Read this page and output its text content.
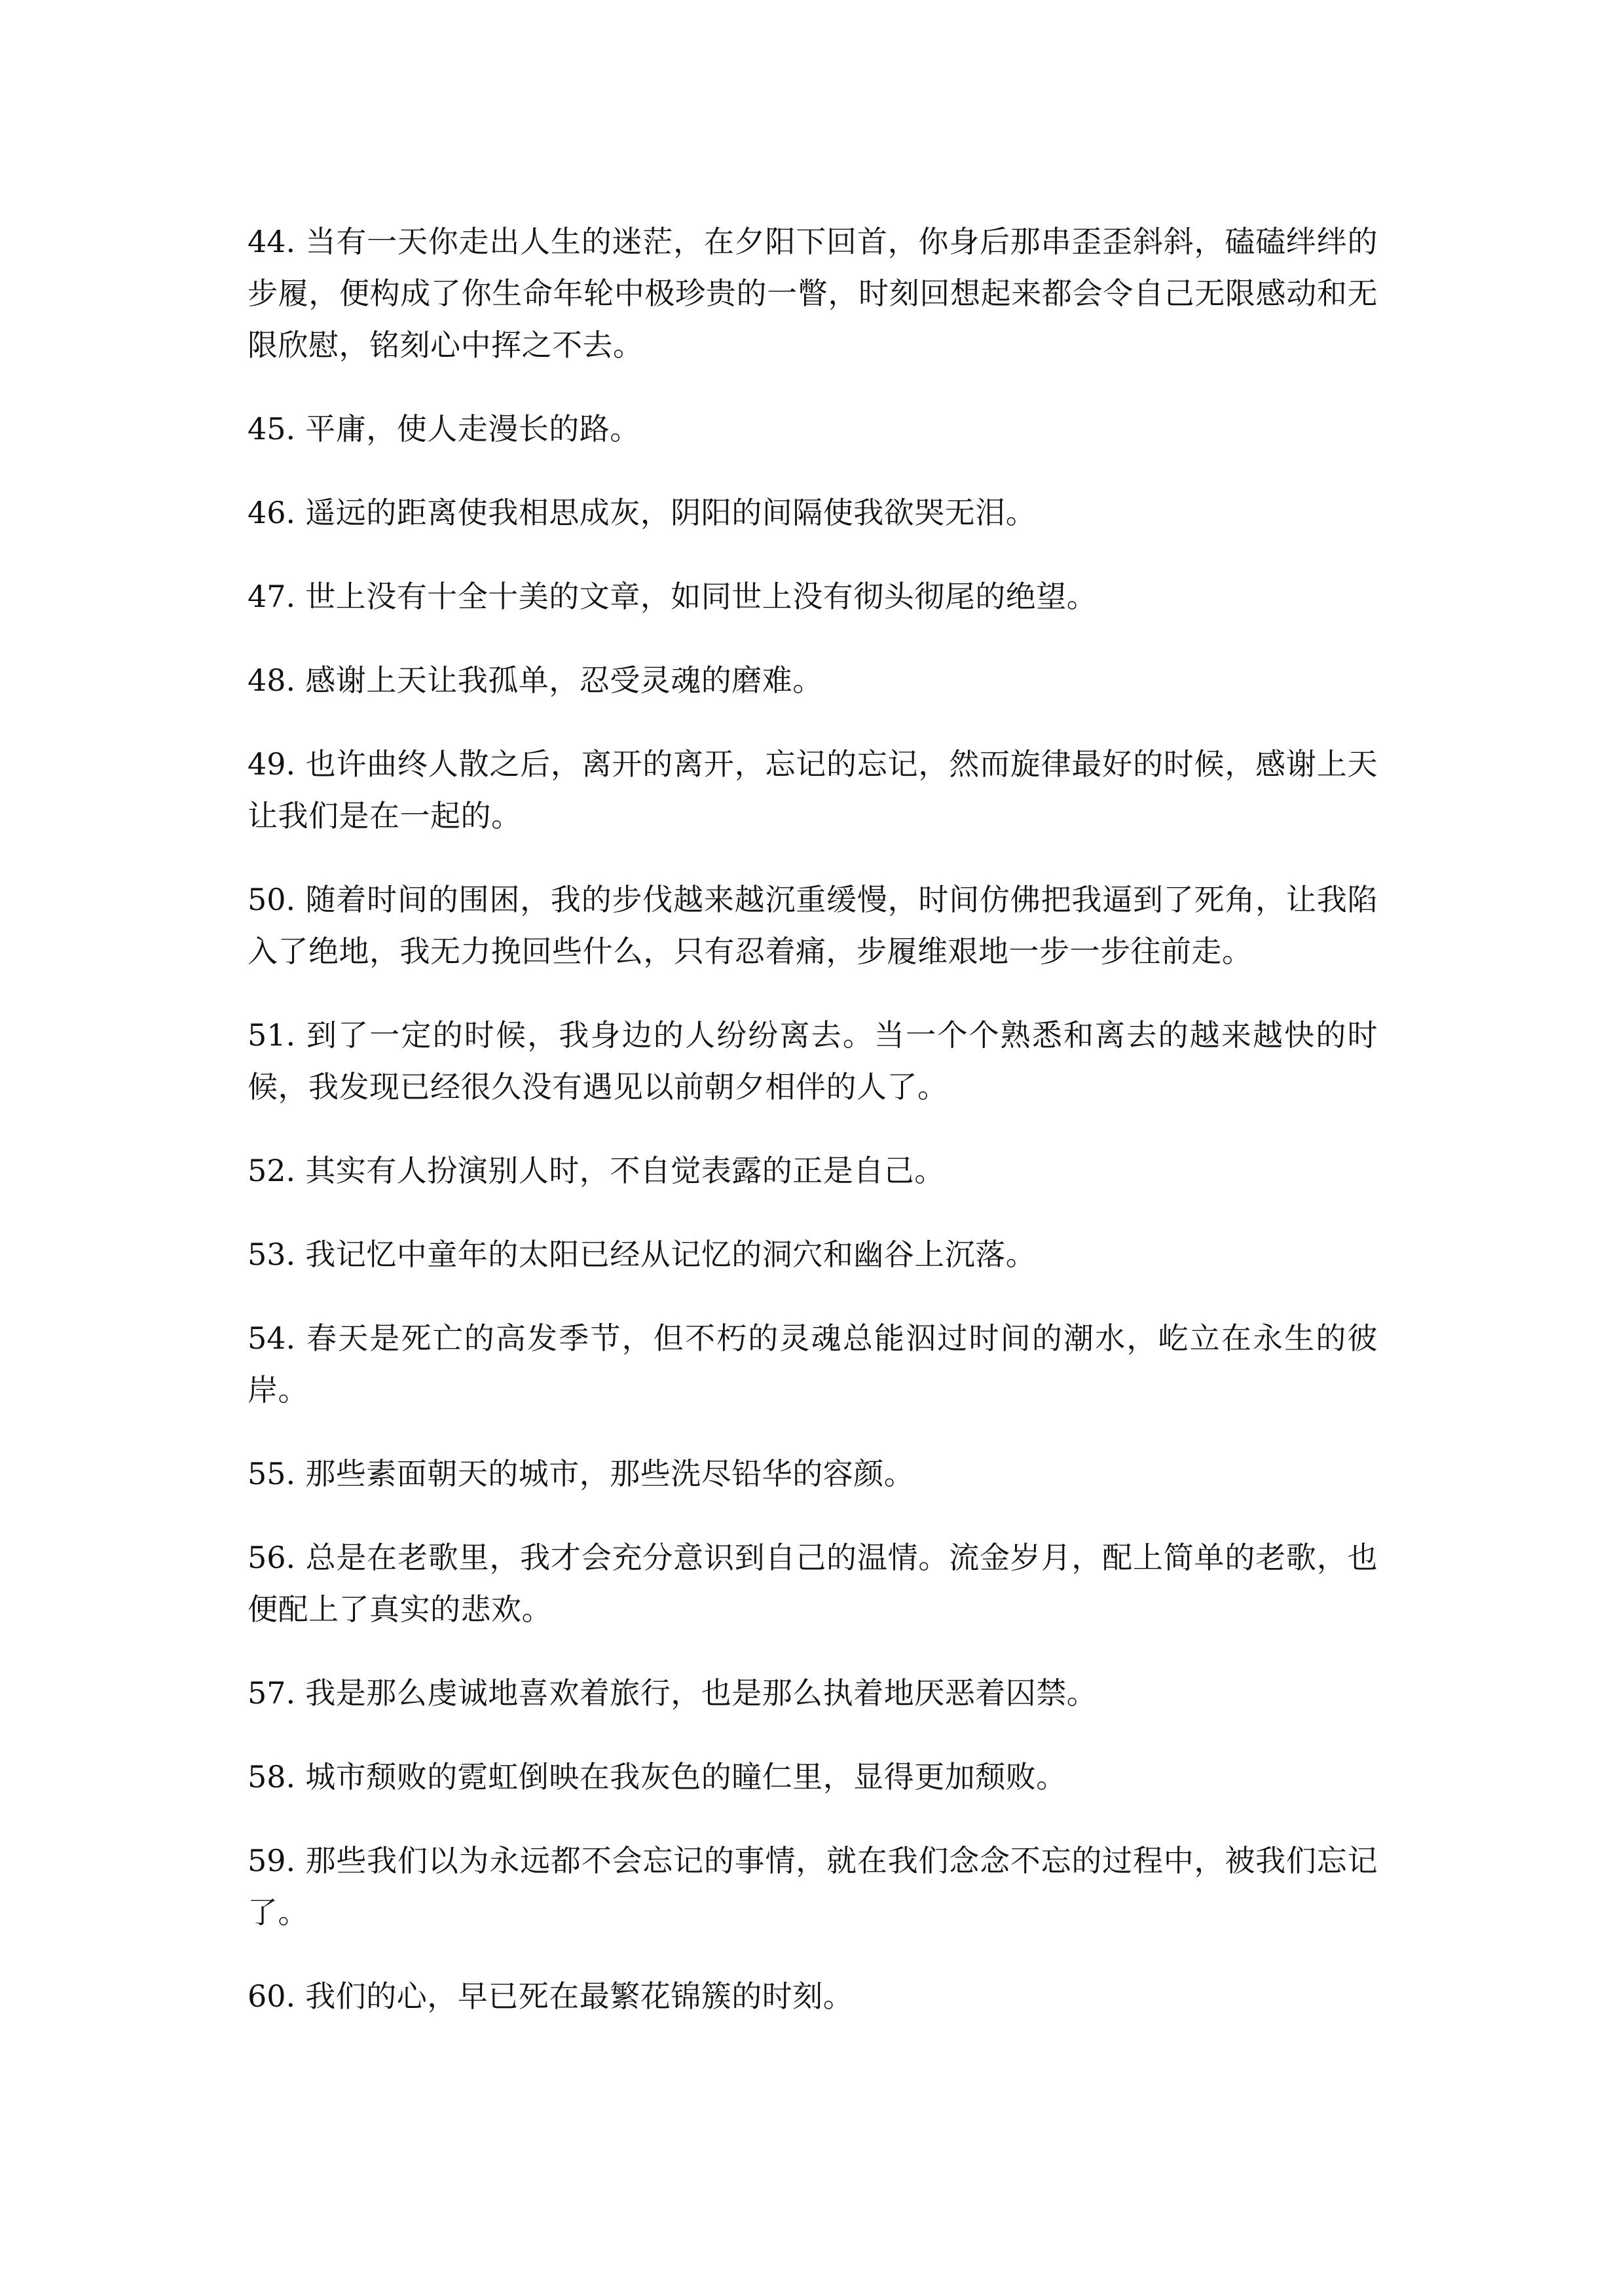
44. 当有一天你走出人生的迷茫，在夕阳下回首，你身后那串歪歪斜斜，磕磕绊绊的步履，便构成了你生命年轮中极珍贵的一瞥，时刻回想起来都会令自己无限感动和无限欣慰，铭刻心中挥之不去。

45. 平庸，使人走漫长的路。

46. 遥远的距离使我相思成灰，阴阳的间隔使我欲哭无泪。

47. 世上没有十全十美的文章，如同世上没有彻头彻尾的绝望。

48. 感谢上天让我孤单，忍受灵魂的磨难。

49. 也许曲终人散之后，离开的离开，忘记的忘记，然而旋律最好的时候，感谢上天让我们是在一起的。

50. 随着时间的围困，我的步伐越来越沉重缓慢，时间仿佛把我逼到了死角，让我陷入了绝地，我无力挽回些什么，只有忍着痛，步履维艰地一步一步往前走。

51. 到了一定的时候，我身边的人纷纷离去。当一个个熟悉和离去的越来越快的时候，我发现已经很久没有遇见以前朝夕相伴的人了。

52. 其实有人扮演别人时，不自觉表露的正是自己。

53. 我记忆中童年的太阳已经从记忆的洞穴和幽谷上沉落。

54. 春天是死亡的高发季节，但不朽的灵魂总能泅过时间的潮水，屹立在永生的彼岸。

55. 那些素面朝天的城市，那些洗尽铅华的容颜。

56. 总是在老歌里，我才会充分意识到自己的温情。流金岁月，配上简单的老歌，也便配上了真实的悲欢。

57. 我是那么虔诚地喜欢着旅行，也是那么执着地厌恶着囚禁。

58. 城市颓败的霓虹倒映在我灰色的瞳仁里，显得更加颓败。

59. 那些我们以为永远都不会忘记的事情，就在我们念念不忘的过程中，被我们忘记了。

60. 我们的心，早已死在最繁花锦簇的时刻。
